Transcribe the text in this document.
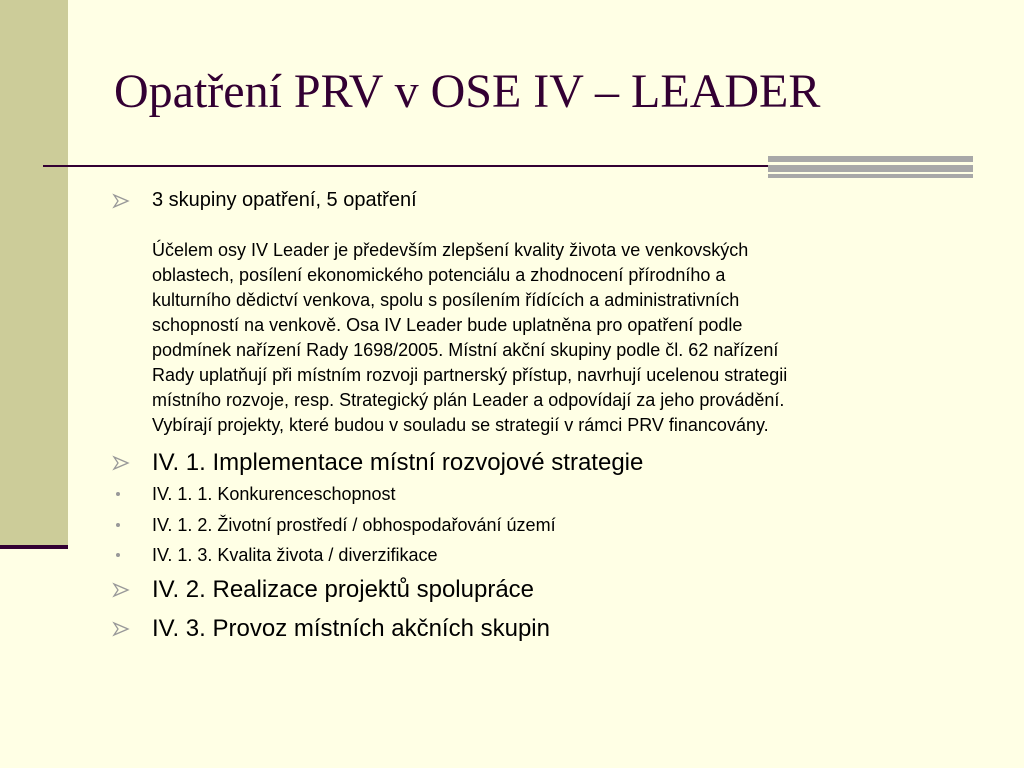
Opatření PRV v OSE IV – LEADER

3 skupiny opatření, 5 opatření

Účelem osy IV Leader je především zlepšení kvality života ve venkovských
oblastech, posílení ekonomického potenciálu a zhodnocení přírodního a
kulturního dědictví venkova, spolu s posílením řídících a administrativních
schopností na venkově. Osa IV Leader bude uplatněna pro opatření podle
podmínek nařízení Rady 1698/2005. Místní akční skupiny podle čl. 62 nařízení
Rady uplatňují při místním rozvoji partnerský přístup, navrhují ucelenou strategii
místního rozvoje, resp. Strategický plán Leader a odpovídají za jeho provádění.
Vybírají projekty, které budou v souladu se strategií v rámci PRV financovány.

IV. 1. Implementace místní rozvojové strategie

IV. 1. 1. Konkurenceschopnost

IV. 1. 2. Životní prostředí / obhospodařování území

IV. 1. 3. Kvalita života / diverzifikace

IV. 2. Realizace projektů spolupráce

IV. 3. Provoz místních akčních skupin
